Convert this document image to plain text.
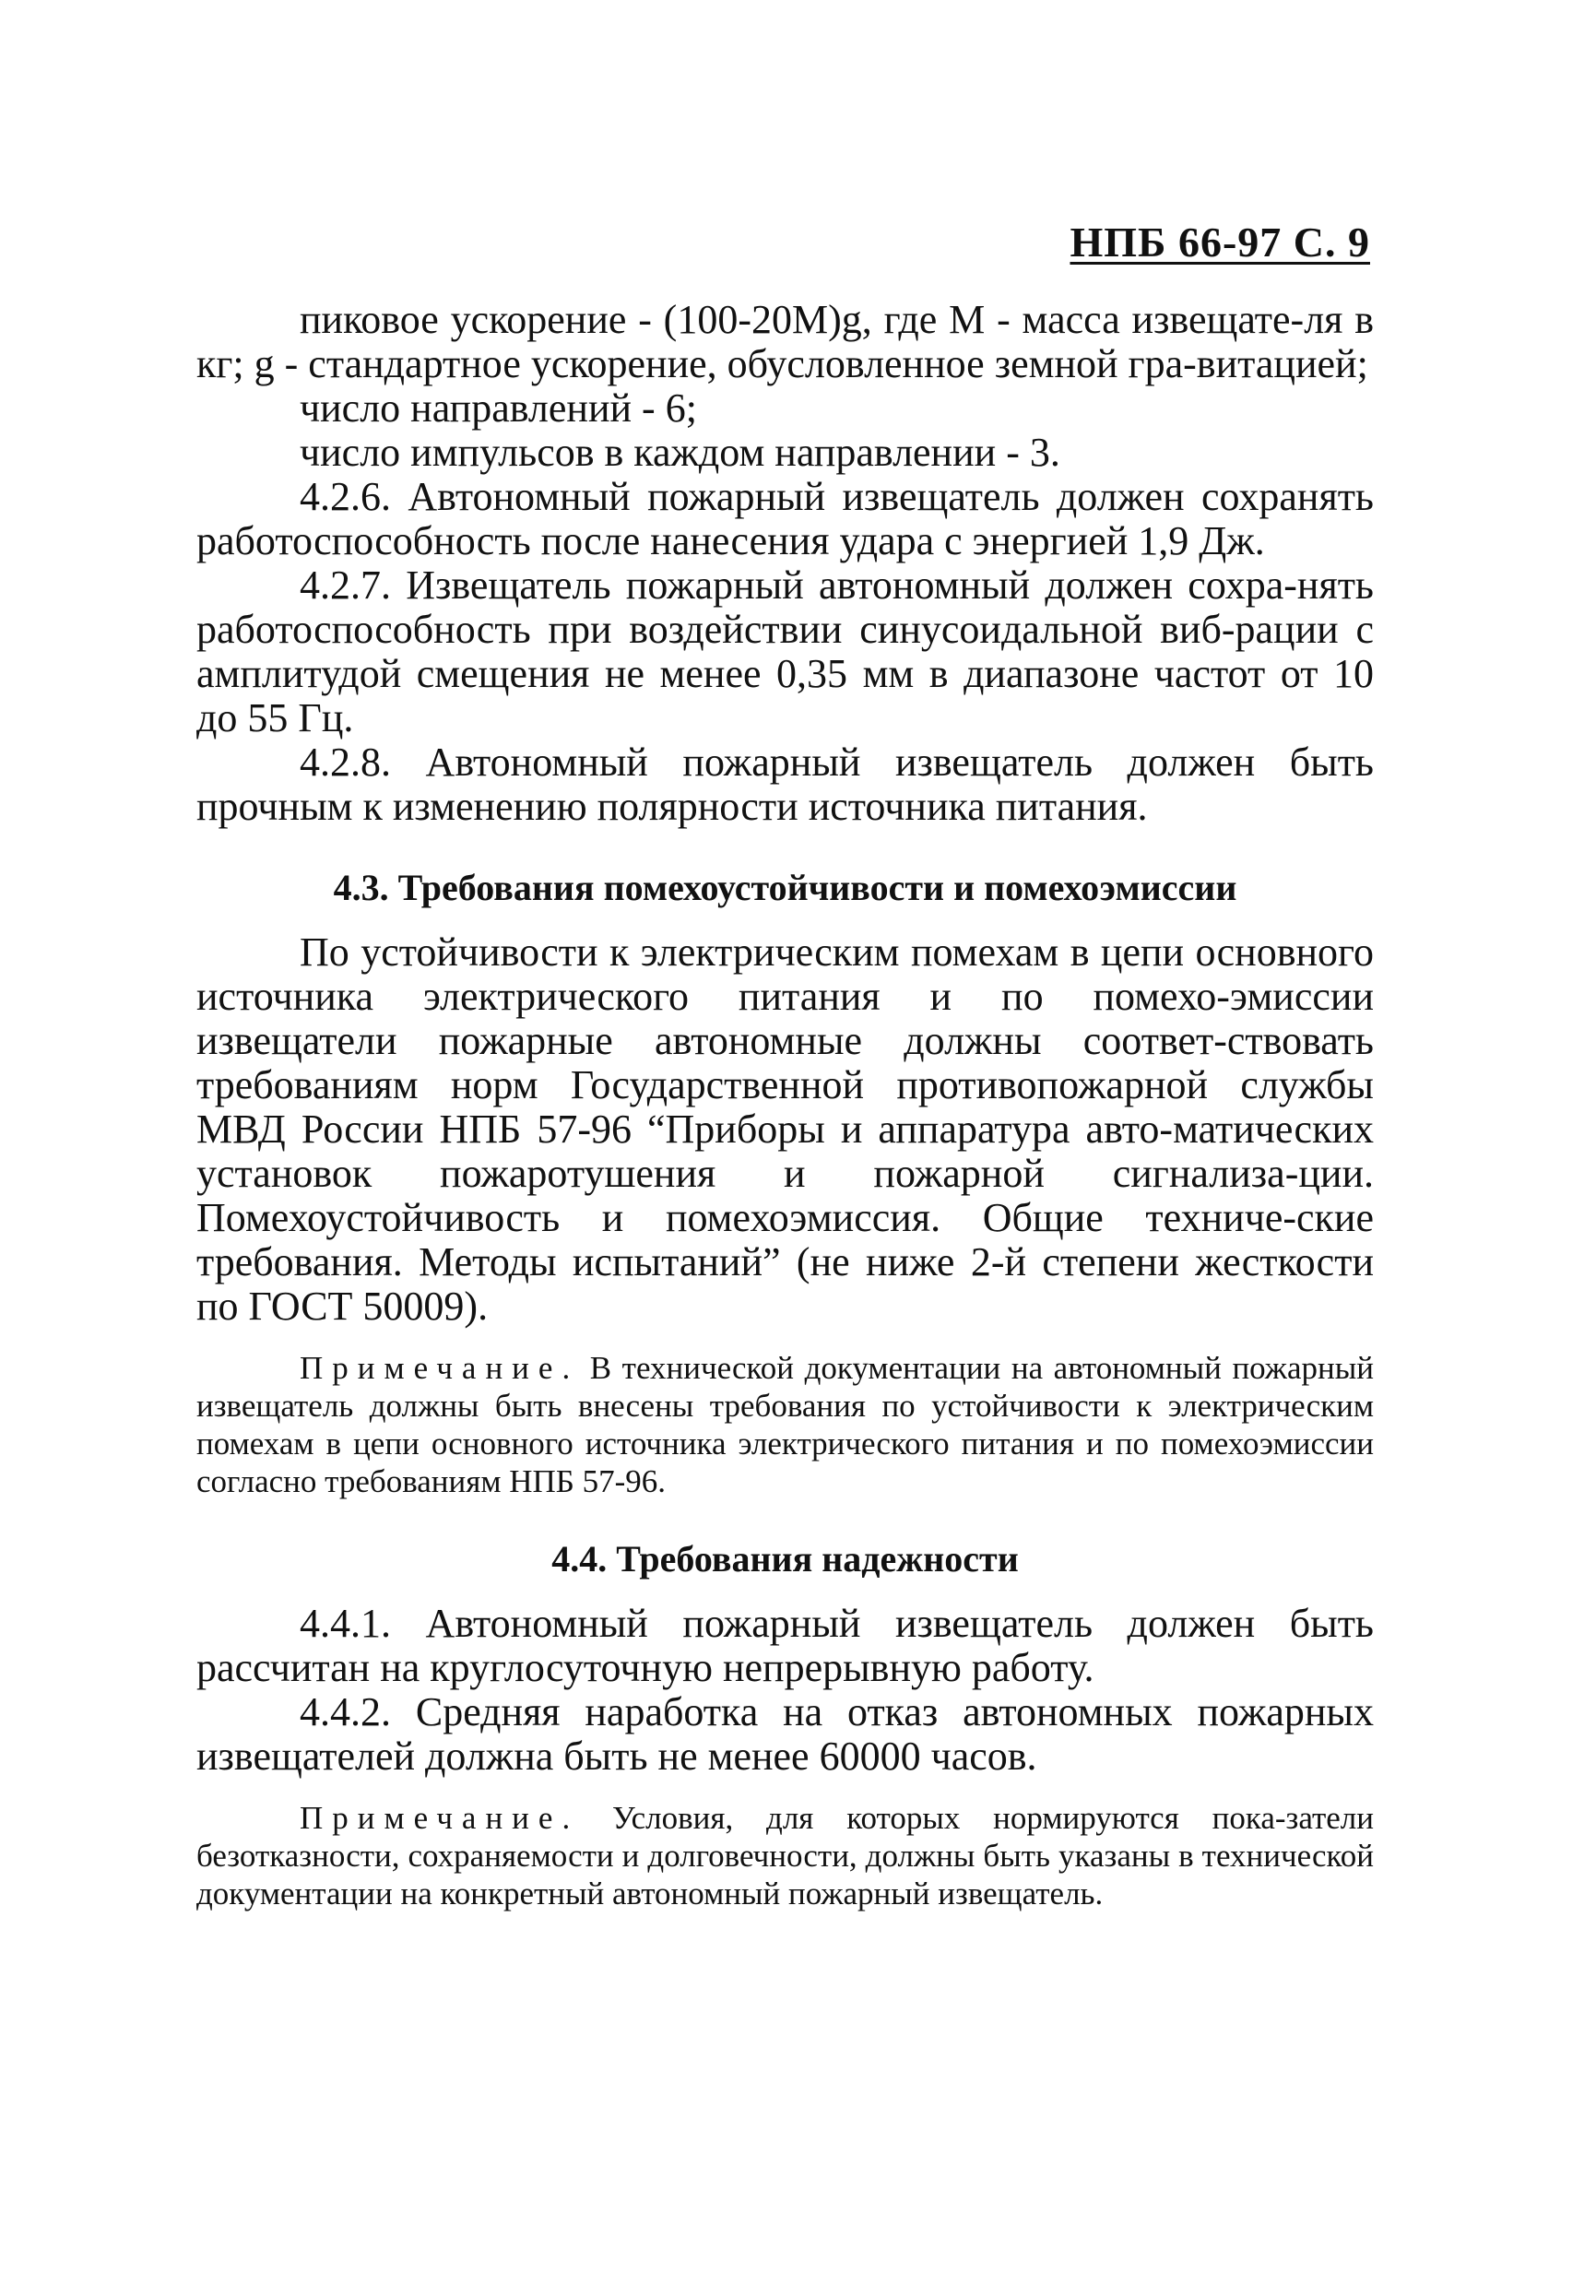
НПБ 66-97 С. 9

пиковое ускорение - (100-20M)g, где M - масса извещате-ля в кг; g - стандартное ускорение, обусловленное земной гра-витацией;

число направлений - 6;

число импульсов в каждом направлении - 3.

4.2.6. Автономный пожарный извещатель должен сохранять работоспособность после нанесения удара с энергией 1,9 Дж.

4.2.7. Извещатель пожарный автономный должен сохра-нять работоспособность при воздействии синусоидальной виб-рации с амплитудой смещения не менее 0,35 мм в диапазоне частот от 10 до 55 Гц.

4.2.8. Автономный пожарный извещатель должен быть прочным к изменению полярности источника питания.

4.3. Требования помехоустойчивости и помехоэмиссии

По устойчивости к электрическим помехам в цепи основного источника электрического питания и по помехо-эмиссии извещатели пожарные автономные должны соответ-ствовать требованиям норм Государственной противопожарной службы МВД России НПБ 57-96 “Приборы и аппаратура авто-матических установок пожаротушения и пожарной сигнализа-ции. Помехоустойчивость и помехоэмиссия. Общие техниче-ские требования. Методы испытаний” (не ниже 2-й степени жесткости по ГОСТ 50009).

Примечание. В технической документации на автономный пожарный извещатель должны быть внесены требования по устойчивости к электрическим помехам в цепи основного источника электрического питания и по помехоэмиссии согласно требованиям НПБ 57-96.

4.4. Требования надежности

4.4.1. Автономный пожарный извещатель должен быть рассчитан на круглосуточную непрерывную работу.

4.4.2. Средняя наработка на отказ автономных пожарных извещателей должна быть не менее 60000 часов.

Примечание. Условия, для которых нормируются пока-затели безотказности, сохраняемости и долговечности, должны быть указаны в технической документации на конкретный автономный пожарный извещатель.
